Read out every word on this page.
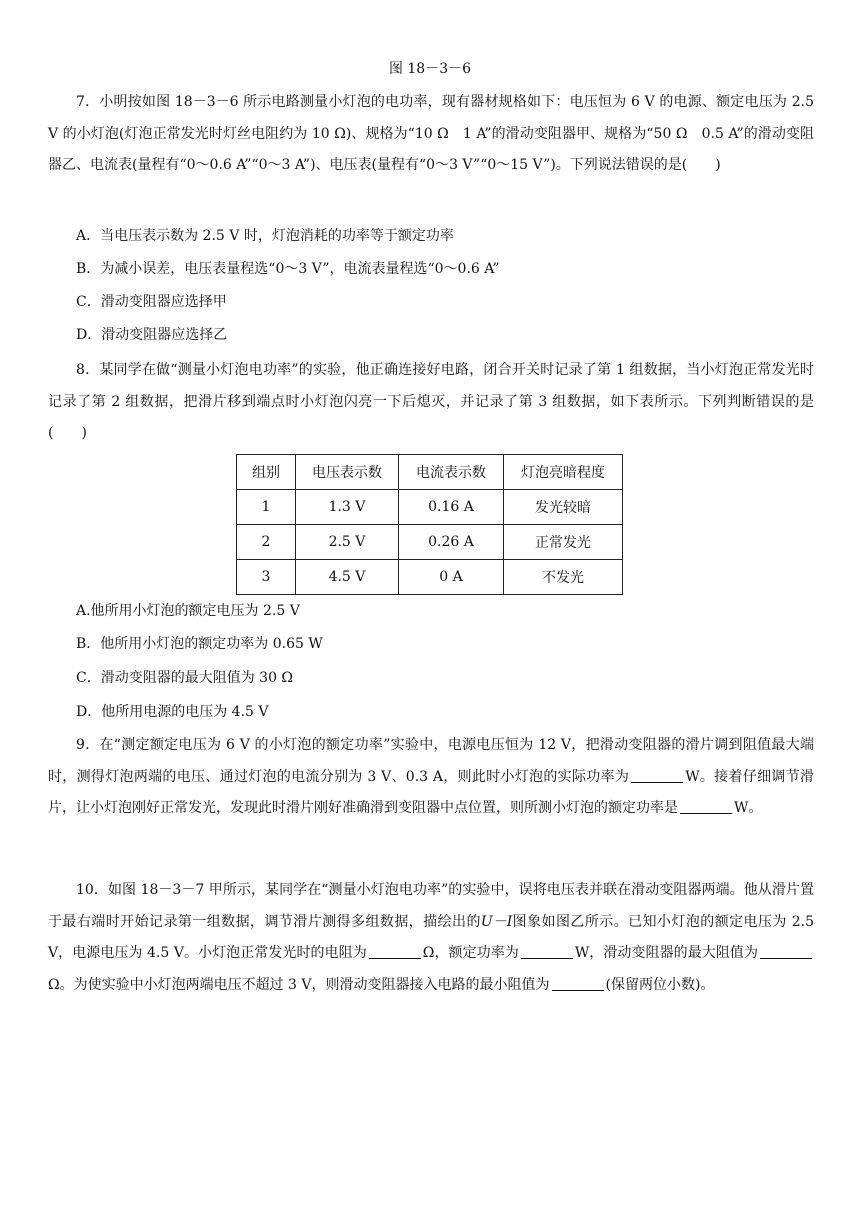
图 18－3－6
7．小明按如图 18－3－6 所示电路测量小灯泡的电功率，现有器材规格如下：电压恒为 6 V 的电源、额定电压为 2.5 V 的小灯泡(灯泡正常发光时灯丝电阻约为 10 Ω)、规格为“10 Ω　1 A”的滑动变阻器甲、规格为“50 Ω　0.5 A”的滑动变阻器乙、电流表(量程有“0～0.6 A”“0～3 A”)、电压表(量程有“0～3 V”“0～15 V”)。下列说法错误的是(　　)
A．当电压表示数为 2.5 V 时，灯泡消耗的功率等于额定功率
B．为减小误差，电压表量程选“0～3 V”，电流表量程选“0～0.6 A”
C．滑动变阻器应选择甲
D．滑动变阻器应选择乙
8．某同学在做“测量小灯泡电功率”的实验，他正确连接好电路，闭合开关时记录了第 1 组数据，当小灯泡正常发光时记录了第 2 组数据，把滑片移到端点时小灯泡闪亮一下后熄灭，并记录了第 3 组数据，如下表所示。下列判断错误的是(　　)
组别	电压表示数	电流表示数	灯泡亮暗程度
1	1.3 V	0.16 A	发光较暗
2	2.5 V	0.26 A	正常发光
3	4.5 V	0 A	不发光
A.他所用小灯泡的额定电压为 2.5 V
B．他所用小灯泡的额定功率为 0.65 W
C．滑动变阻器的最大阻值为 30 Ω
D．他所用电源的电压为 4.5 V
9．在“测定额定电压为 6 V 的小灯泡的额定功率”实验中，电源电压恒为 12 V，把滑动变阻器的滑片调到阻值最大端时，测得灯泡两端的电压、通过灯泡的电流分别为 3 V、0.3 A，则此时小灯泡的实际功率为	W。接着仔细调节滑片，让小灯泡刚好正常发光，发现此时滑片刚好准确滑到变阻器中点位置，则所测小灯泡的额定功率是	W。
10．如图 18－3－7 甲所示，某同学在“测量小灯泡电功率”的实验中，误将电压表并联在滑动变阻器两端。他从滑片置于最右端时开始记录第一组数据，调节滑片测得多组数据，描绘出的U－I图象如图乙所示。已知小灯泡的额定电压为 2.5 V，电源电压为 4.5 V。小灯泡正常发光时的电阻为	Ω，额定功率为	W，滑动变阻器的最大阻值为Ω。为使实验中小灯泡两端电压不超过 3 V，则滑动变阻器接入电路的最小阻值为	(保留两位小数)。
